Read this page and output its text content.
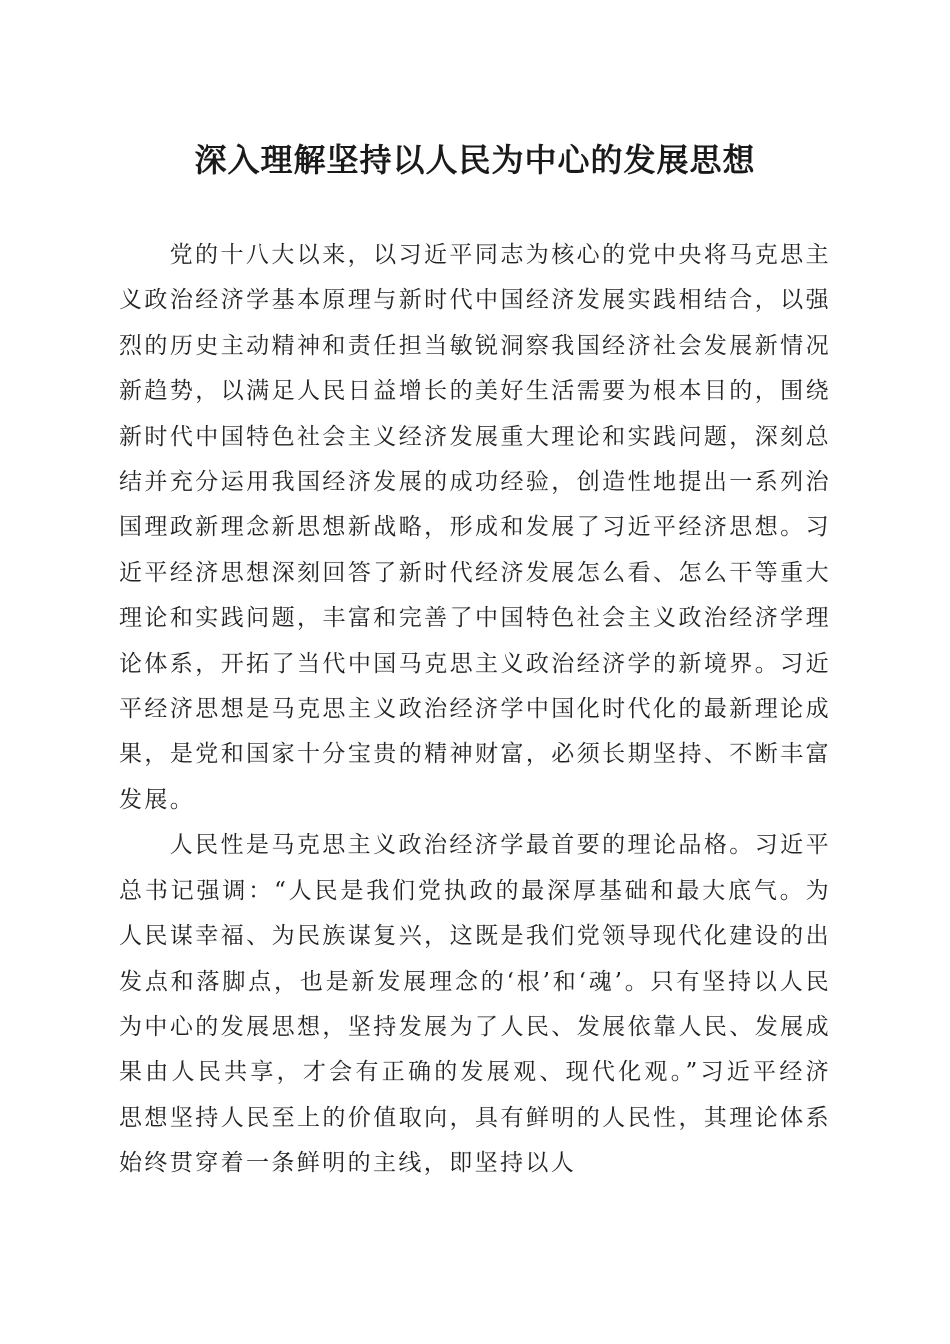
深入理解坚持以人民为中心的发展思想

党的十八大以来，以习近平同志为核心的党中央将马克思主义政治经济学基本原理与新时代中国经济发展实践相结合，以强烈的历史主动精神和责任担当敏锐洞察我国经济社会发展新情况新趋势，以满足人民日益增长的美好生活需要为根本目的，围绕新时代中国特色社会主义经济发展重大理论和实践问题，深刻总结并充分运用我国经济发展的成功经验，创造性地提出一系列治国理政新理念新思想新战略，形成和发展了习近平经济思想。习近平经济思想深刻回答了新时代经济发展怎么看、怎么干等重大理论和实践问题，丰富和完善了中国特色社会主义政治经济学理论体系，开拓了当代中国马克思主义政治经济学的新境界。习近平经济思想是马克思主义政治经济学中国化时代化的最新理论成果，是党和国家十分宝贵的精神财富，必须长期坚持、不断丰富发展。

人民性是马克思主义政治经济学最首要的理论品格。习近平总书记强调：“人民是我们党执政的最深厚基础和最大底气。为人民谋幸福、为民族谋复兴，这既是我们党领导现代化建设的出发点和落脚点，也是新发展理念的‘根’和‘魂’。只有坚持以人民为中心的发展思想，坚持发展为了人民、发展依靠人民、发展成果由人民共享，才会有正确的发展观、现代化观。”习近平经济思想坚持人民至上的价值取向，具有鲜明的人民性，其理论体系始终贯穿着一条鲜明的主线，即坚持以人
